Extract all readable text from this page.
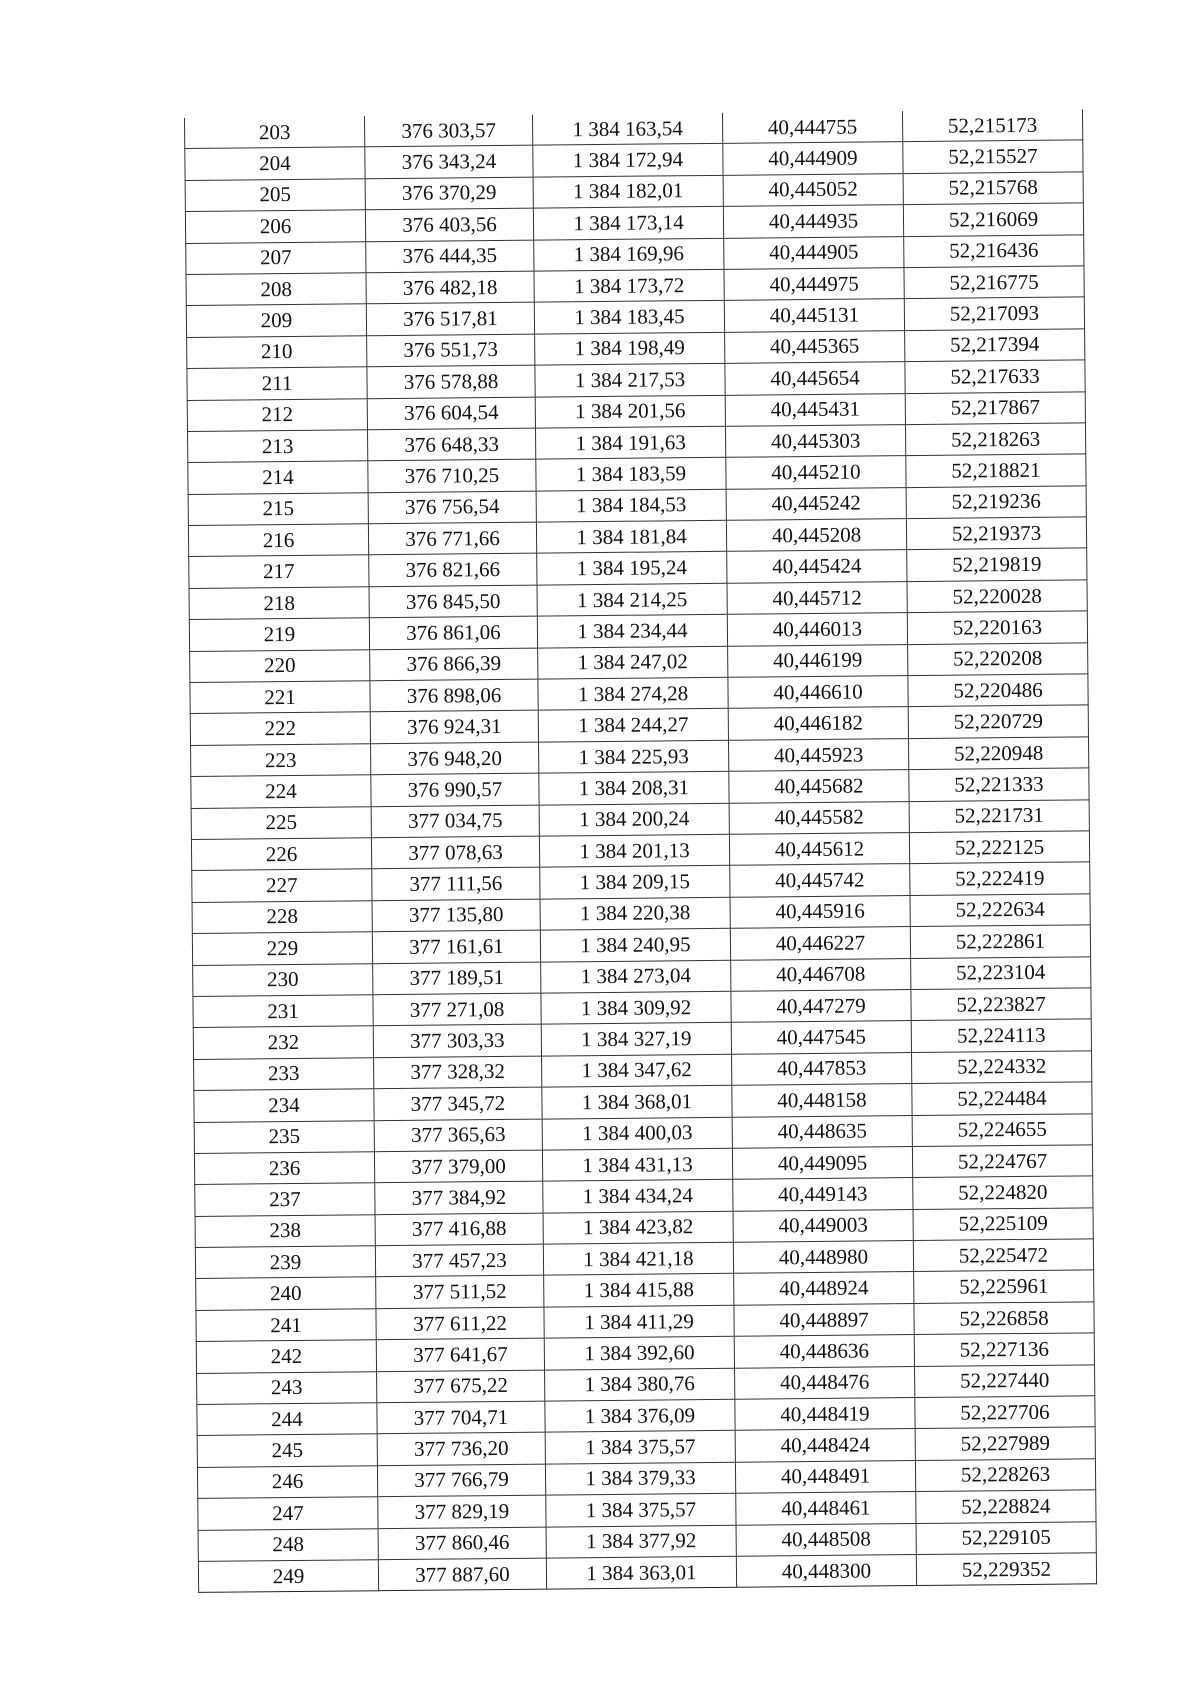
203	376 303,57	1 384 163,54	40,444755	52,215173
204	376 343,24	1 384 172,94	40,444909	52,215527
205	376 370,29	1 384 182,01	40,445052	52,215768
206	376 403,56	1 384 173,14	40,444935	52,216069
207	376 444,35	1 384 169,96	40,444905	52,216436
208	376 482,18	1 384 173,72	40,444975	52,216775
209	376 517,81	1 384 183,45	40,445131	52,217093
210	376 551,73	1 384 198,49	40,445365	52,217394
211	376 578,88	1 384 217,53	40,445654	52,217633
212	376 604,54	1 384 201,56	40,445431	52,217867
213	376 648,33	1 384 191,63	40,445303	52,218263
214	376 710,25	1 384 183,59	40,445210	52,218821
215	376 756,54	1 384 184,53	40,445242	52,219236
216	376 771,66	1 384 181,84	40,445208	52,219373
217	376 821,66	1 384 195,24	40,445424	52,219819
218	376 845,50	1 384 214,25	40,445712	52,220028
219	376 861,06	1 384 234,44	40,446013	52,220163
220	376 866,39	1 384 247,02	40,446199	52,220208
221	376 898,06	1 384 274,28	40,446610	52,220486
222	376 924,31	1 384 244,27	40,446182	52,220729
223	376 948,20	1 384 225,93	40,445923	52,220948
224	376 990,57	1 384 208,31	40,445682	52,221333
225	377 034,75	1 384 200,24	40,445582	52,221731
226	377 078,63	1 384 201,13	40,445612	52,222125
227	377 111,56	1 384 209,15	40,445742	52,222419
228	377 135,80	1 384 220,38	40,445916	52,222634
229	377 161,61	1 384 240,95	40,446227	52,222861
230	377 189,51	1 384 273,04	40,446708	52,223104
231	377 271,08	1 384 309,92	40,447279	52,223827
232	377 303,33	1 384 327,19	40,447545	52,224113
233	377 328,32	1 384 347,62	40,447853	52,224332
234	377 345,72	1 384 368,01	40,448158	52,224484
235	377 365,63	1 384 400,03	40,448635	52,224655
236	377 379,00	1 384 431,13	40,449095	52,224767
237	377 384,92	1 384 434,24	40,449143	52,224820
238	377 416,88	1 384 423,82	40,449003	52,225109
239	377 457,23	1 384 421,18	40,448980	52,225472
240	377 511,52	1 384 415,88	40,448924	52,225961
241	377 611,22	1 384 411,29	40,448897	52,226858
242	377 641,67	1 384 392,60	40,448636	52,227136
243	377 675,22	1 384 380,76	40,448476	52,227440
244	377 704,71	1 384 376,09	40,448419	52,227706
245	377 736,20	1 384 375,57	40,448424	52,227989
246	377 766,79	1 384 379,33	40,448491	52,228263
247	377 829,19	1 384 375,57	40,448461	52,228824
248	377 860,46	1 384 377,92	40,448508	52,229105
249	377 887,60	1 384 363,01	40,448300	52,229352
